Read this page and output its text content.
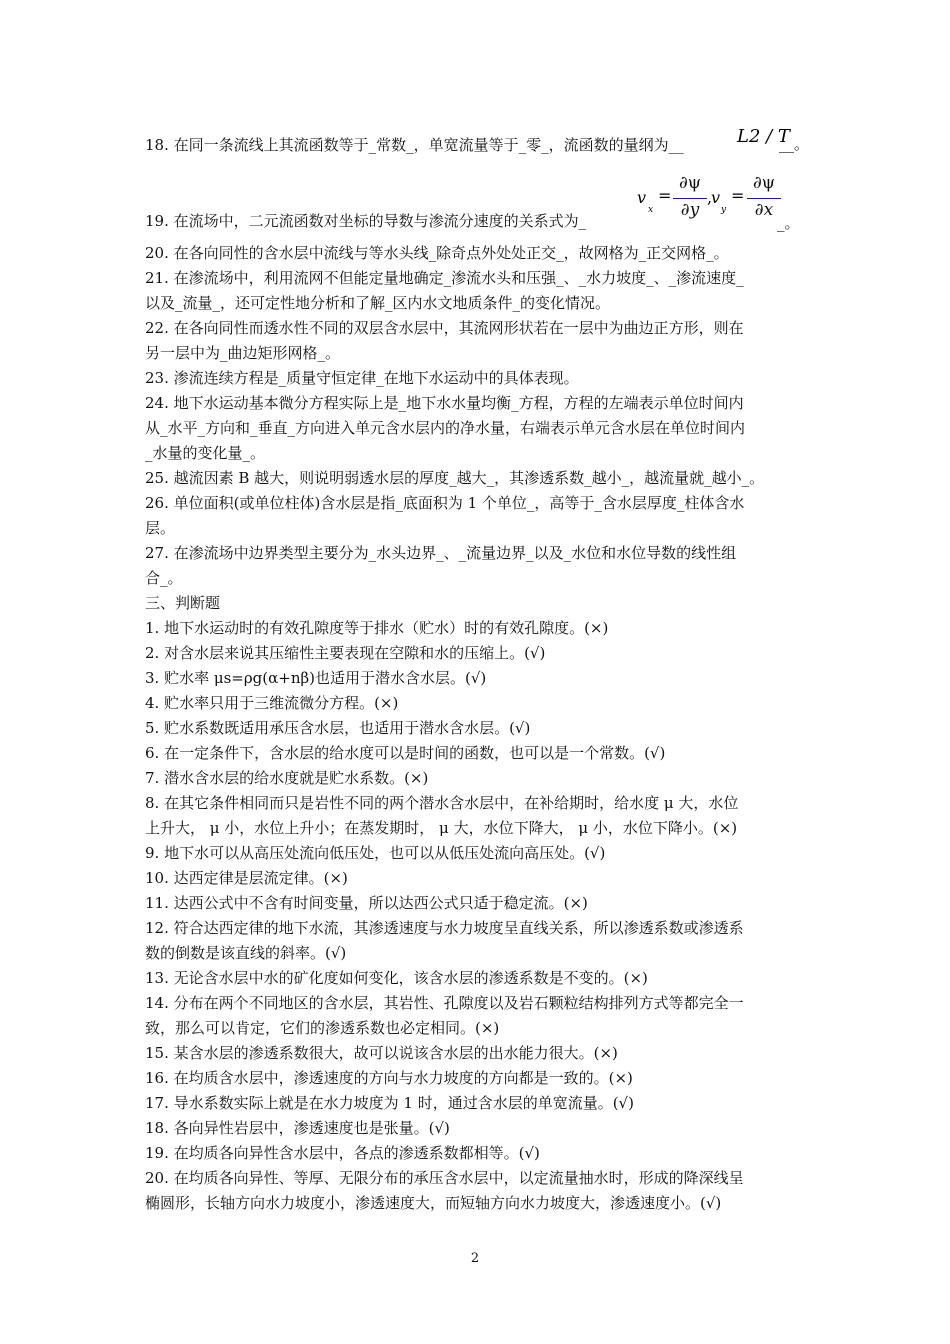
18. 在同一条流线上其流函数等于_常数_，单宽流量等于_零_，流函数的量纲为__	L2 / T
__。
19. 在流场中，二元流函数对坐标的导数与渗流分速度的关系式为_
v
x
=
∂ψ
∂y
,
v
y
=
∂ψ
∂x
_。
20. 在各向同性的含水层中流线与等水头线_除奇点外处处正交_，故网格为_正交网格_。
21. 在渗流场中，利用流网不但能定量地确定_渗流水头和压强_、_水力坡度_、_渗流速度_
以及_流量_，还可定性地分析和了解_区内水文地质条件_的变化情况。
22. 在各向同性而透水性不同的双层含水层中，其流网形状若在一层中为曲边正方形，则在
另一层中为_曲边矩形网格_。
23. 渗流连续方程是_质量守恒定律_在地下水运动中的具体表现。
24. 地下水运动基本微分方程实际上是_地下水水量均衡_方程，方程的左端表示单位时间内
从_水平_方向和_垂直_方向进入单元含水层内的净水量，右端表示单元含水层在单位时间内
_水量的变化量_。
25. 越流因素 B 越大，则说明弱透水层的厚度_越大_，其渗透系数_越小_，越流量就_越小_。
26. 单位面积(或单位柱体)含水层是指_底面积为 1 个单位_，高等于_含水层厚度_柱体含水
层。
27. 在渗流场中边界类型主要分为_水头边界_、_流量边界_以及_水位和水位导数的线性组
合_。
三、判断题
1. 地下水运动时的有效孔隙度等于排水（贮水）时的有效孔隙度。(×)
2. 对含水层来说其压缩性主要表现在空隙和水的压缩上。(√)
3. 贮水率 μs=ρg(α+nβ)也适用于潜水含水层。(√)
4. 贮水率只用于三维流微分方程。(×)
5. 贮水系数既适用承压含水层，也适用于潜水含水层。(√)
6. 在一定条件下，含水层的给水度可以是时间的函数，也可以是一个常数。(√)
7. 潜水含水层的给水度就是贮水系数。(×)
8. 在其它条件相同而只是岩性不同的两个潜水含水层中，在补给期时，给水度 μ 大，水位
上升大， μ 小，水位上升小；在蒸发期时， μ 大，水位下降大， μ 小，水位下降小。(×)
9. 地下水可以从高压处流向低压处，也可以从低压处流向高压处。(√)
10. 达西定律是层流定律。(×)
11. 达西公式中不含有时间变量，所以达西公式只适于稳定流。(×)
12. 符合达西定律的地下水流，其渗透速度与水力坡度呈直线关系，所以渗透系数或渗透系
数的倒数是该直线的斜率。(√)
13. 无论含水层中水的矿化度如何变化，该含水层的渗透系数是不变的。(×)
14. 分布在两个不同地区的含水层，其岩性、孔隙度以及岩石颗粒结构排列方式等都完全一
致，那么可以肯定，它们的渗透系数也必定相同。(×)
15. 某含水层的渗透系数很大，故可以说该含水层的出水能力很大。(×)
16. 在均质含水层中，渗透速度的方向与水力坡度的方向都是一致的。(×)
17. 导水系数实际上就是在水力坡度为 1 时，通过含水层的单宽流量。(√)
18. 各向异性岩层中，渗透速度也是张量。(√)
19. 在均质各向异性含水层中，各点的渗透系数都相等。(√)
20. 在均质各向异性、等厚、无限分布的承压含水层中，以定流量抽水时，形成的降深线呈
椭圆形，长轴方向水力坡度小，渗透速度大，而短轴方向水力坡度大，渗透速度小。(√)
2
